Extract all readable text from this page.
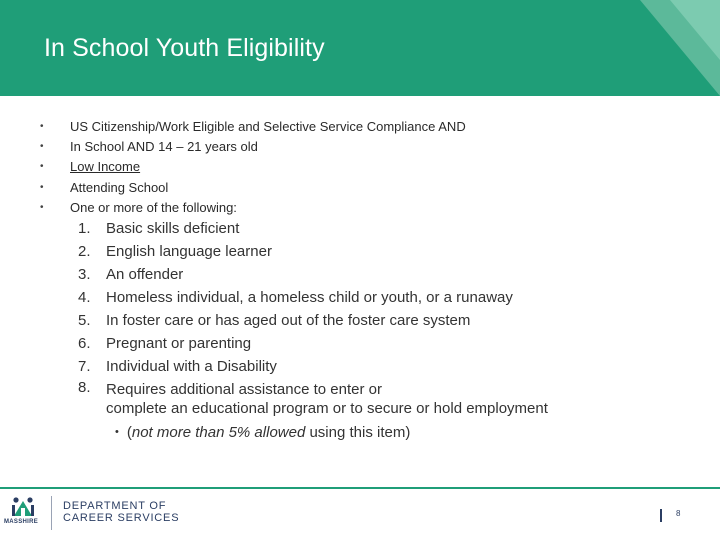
In School Youth Eligibility
• US Citizenship/Work Eligible and Selective Service Compliance AND
• In School AND 14 – 21 years old
• Low Income
• Attending School
• One or more of the following:
1. Basic skills deficient
2. English language learner
3. An offender
4. Homeless individual, a homeless child or youth, or a runaway
5. In foster care or has aged out of the foster care system
6. Pregnant or parenting
7. Individual with a Disability
8. Requires additional assistance to enter or
complete an educational program or to secure or hold employment
• (not more than 5% allowed using this item)
MASSHIRE
DEPARTMENT OF
CAREER SERVICES	8
